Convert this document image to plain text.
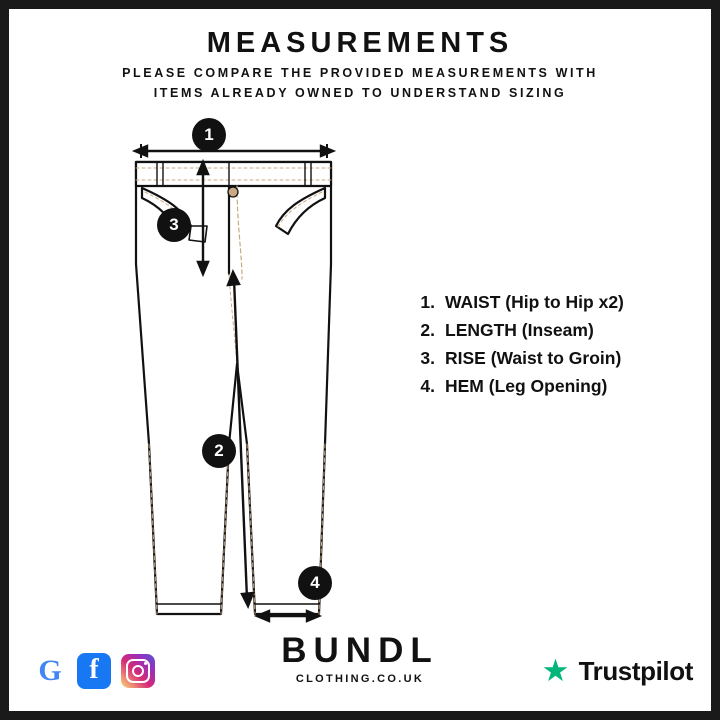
MEASUREMENTS
PLEASE COMPARE THE PROVIDED MEASUREMENTS WITH
ITEMS ALREADY OWNED TO UNDERSTAND SIZING
1
3
2
4
1. WAIST (Hip to Hip x2)
2. LENGTH (Inseam)
3. RISE (Waist to Groin)
4. HEM (Leg Opening)
G f	BUNDL
CLOTHING.CO.UK	★ Trustpilot
